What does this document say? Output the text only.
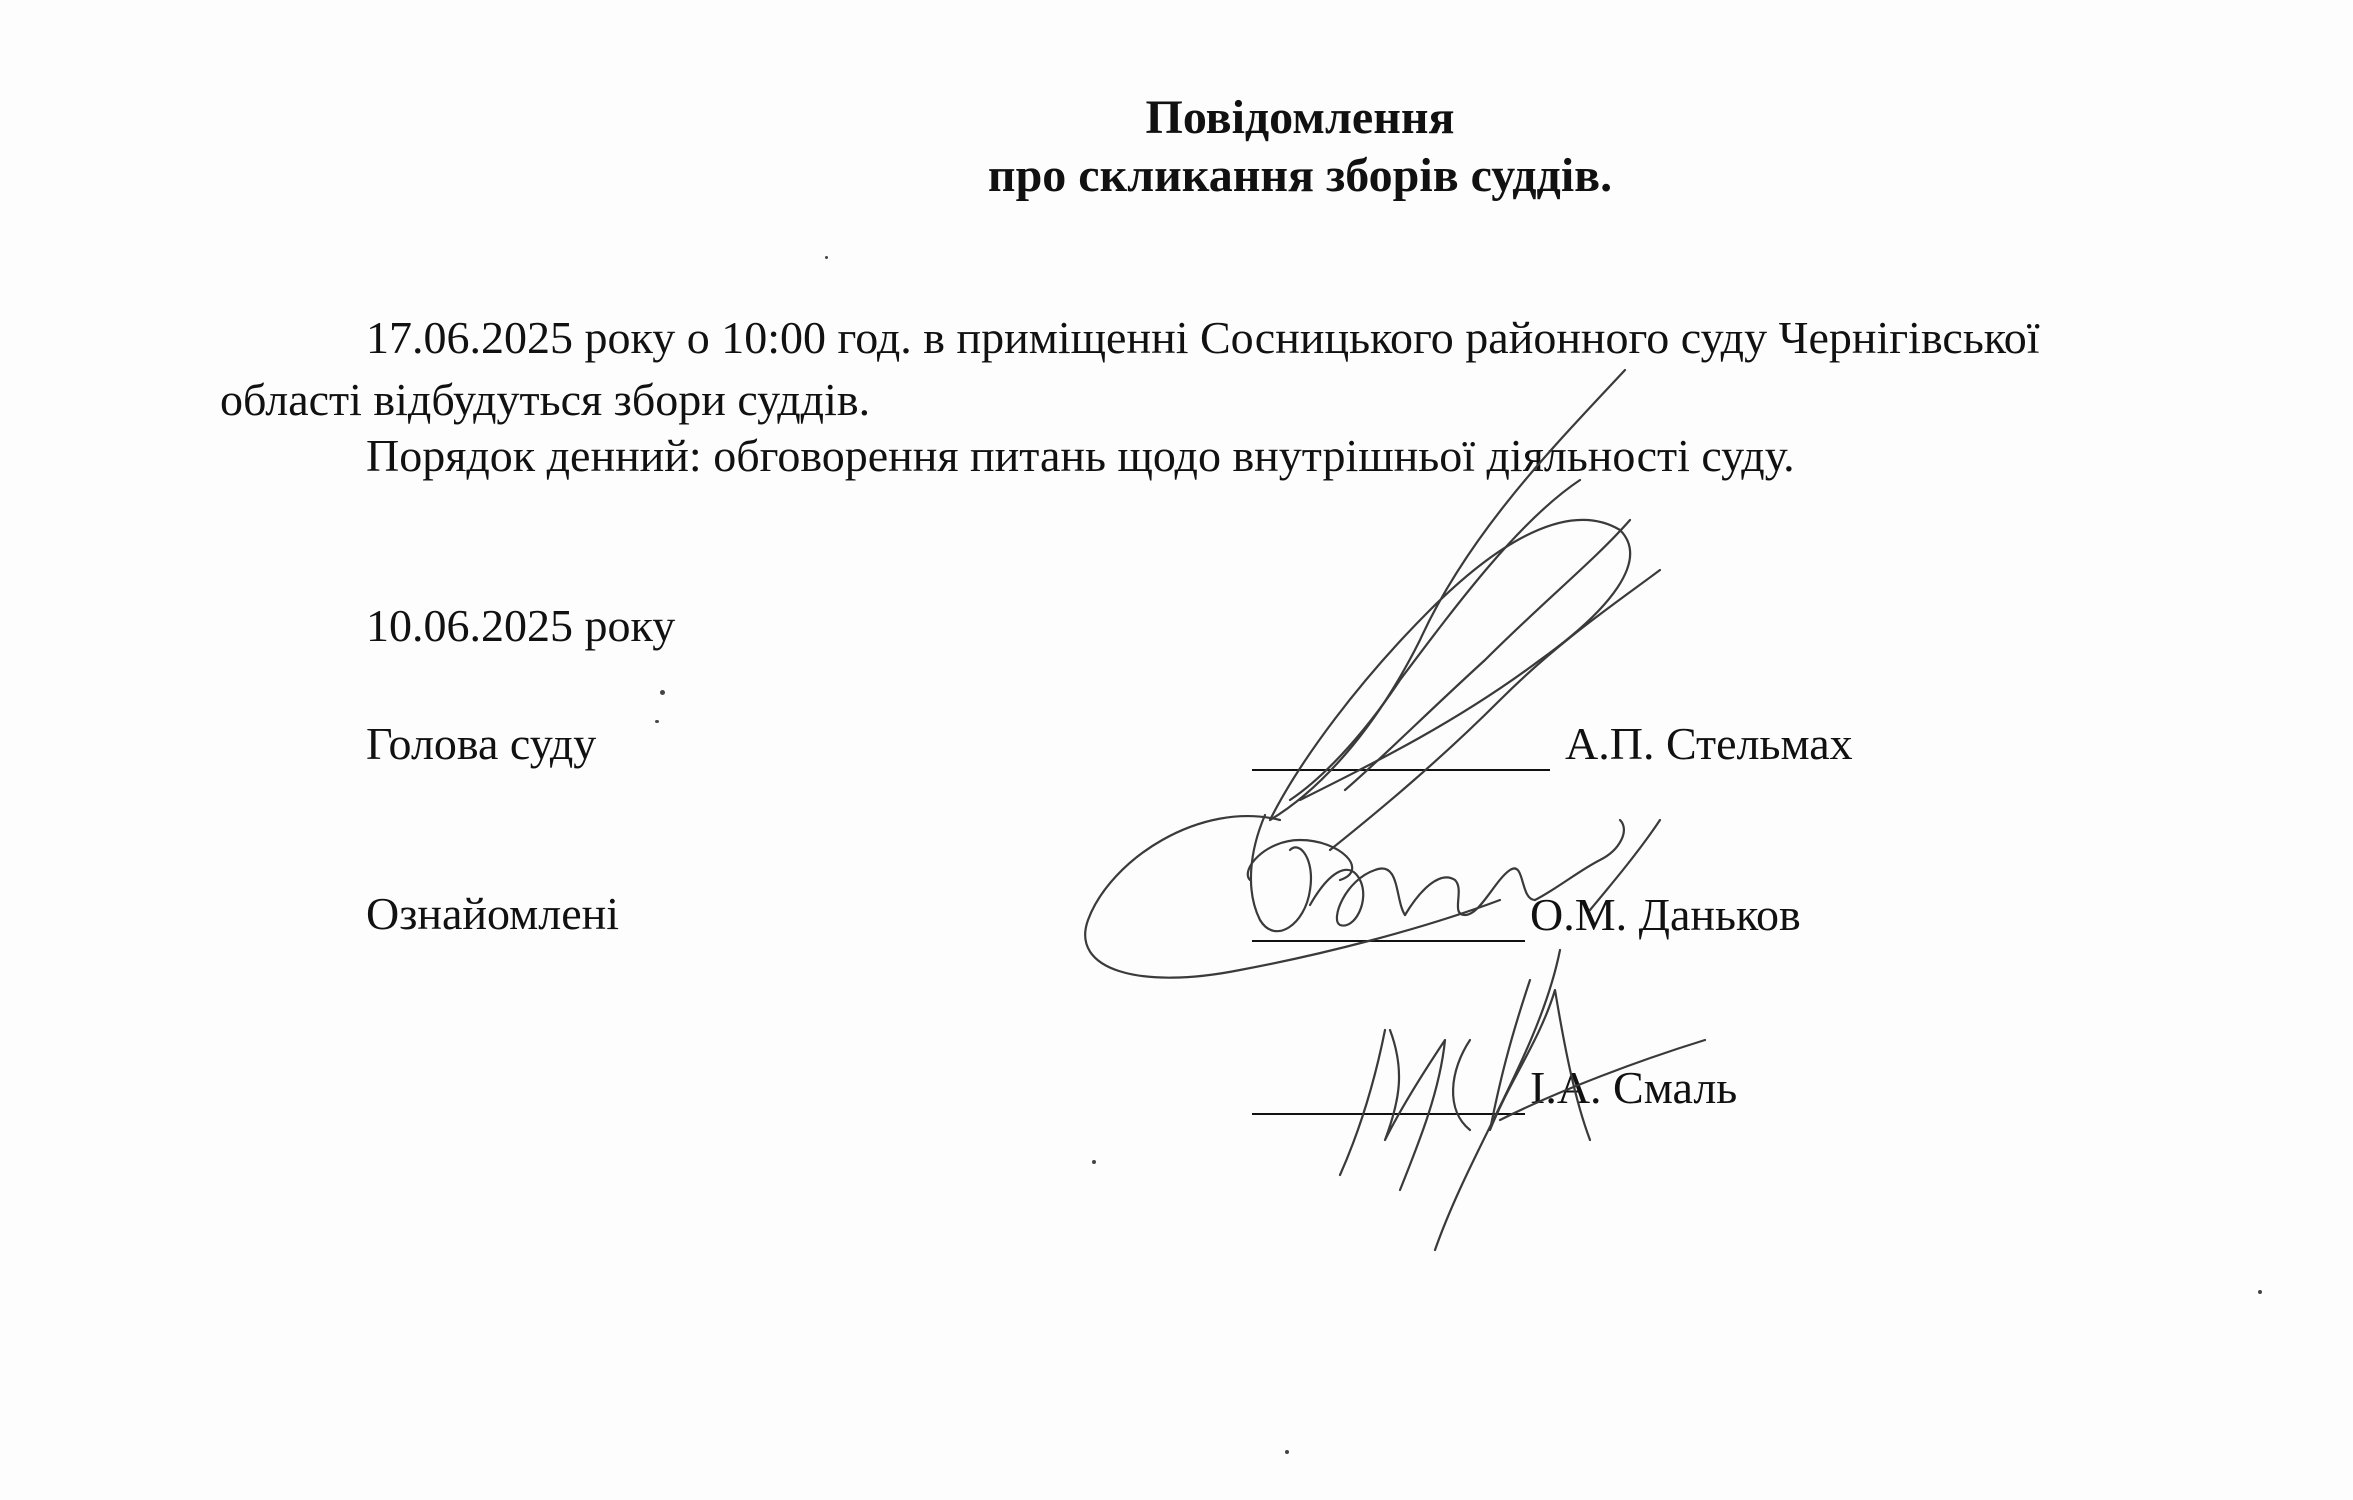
Повідомлення
про скликання зборів суддів.
17.06.2025 року о 10:00 год. в приміщенні Сосницького районного суду Чернігівської
області відбудуться збори суддів.
Порядок денний: обговорення питань щодо внутрішньої діяльності суду.
10.06.2025 року
Голова суду
Ознайомлені
А.П. Стельмах
О.М. Даньков
І.А. Смаль
